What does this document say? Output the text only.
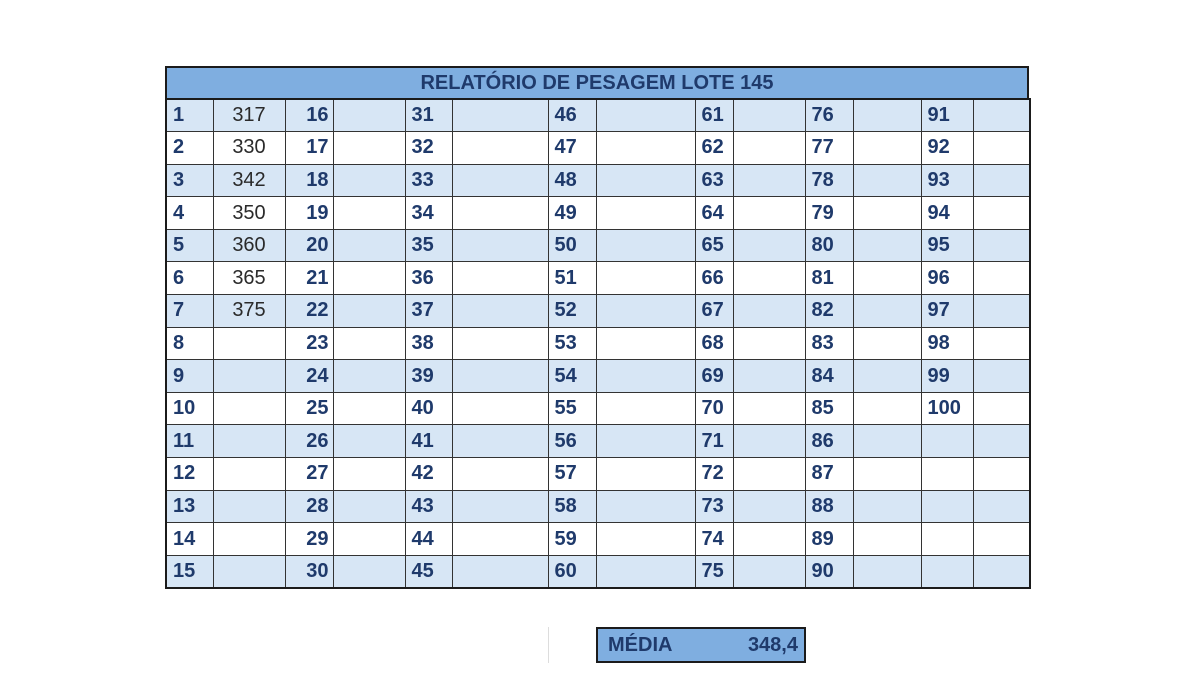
RELATÓRIO DE PESAGEM LOTE 145
1	317	16		31		46		61		76		91	
2	330	17		32		47		62		77		92	
3	342	18		33		48		63		78		93	
4	350	19		34		49		64		79		94	
5	360	20		35		50		65		80		95	
6	365	21		36		51		66		81		96	
7	375	22		37		52		67		82		97	
8		23		38		53		68		83		98	
9		24		39		54		69		84		99	
10		25		40		55		70		85		100	
11		26		41		56		71		86			
12		27		42		57		72		87			
13		28		43		58		73		88			
14		29		44		59		74		89			
15		30		45		60		75		90			
MÉDIA	348,4
